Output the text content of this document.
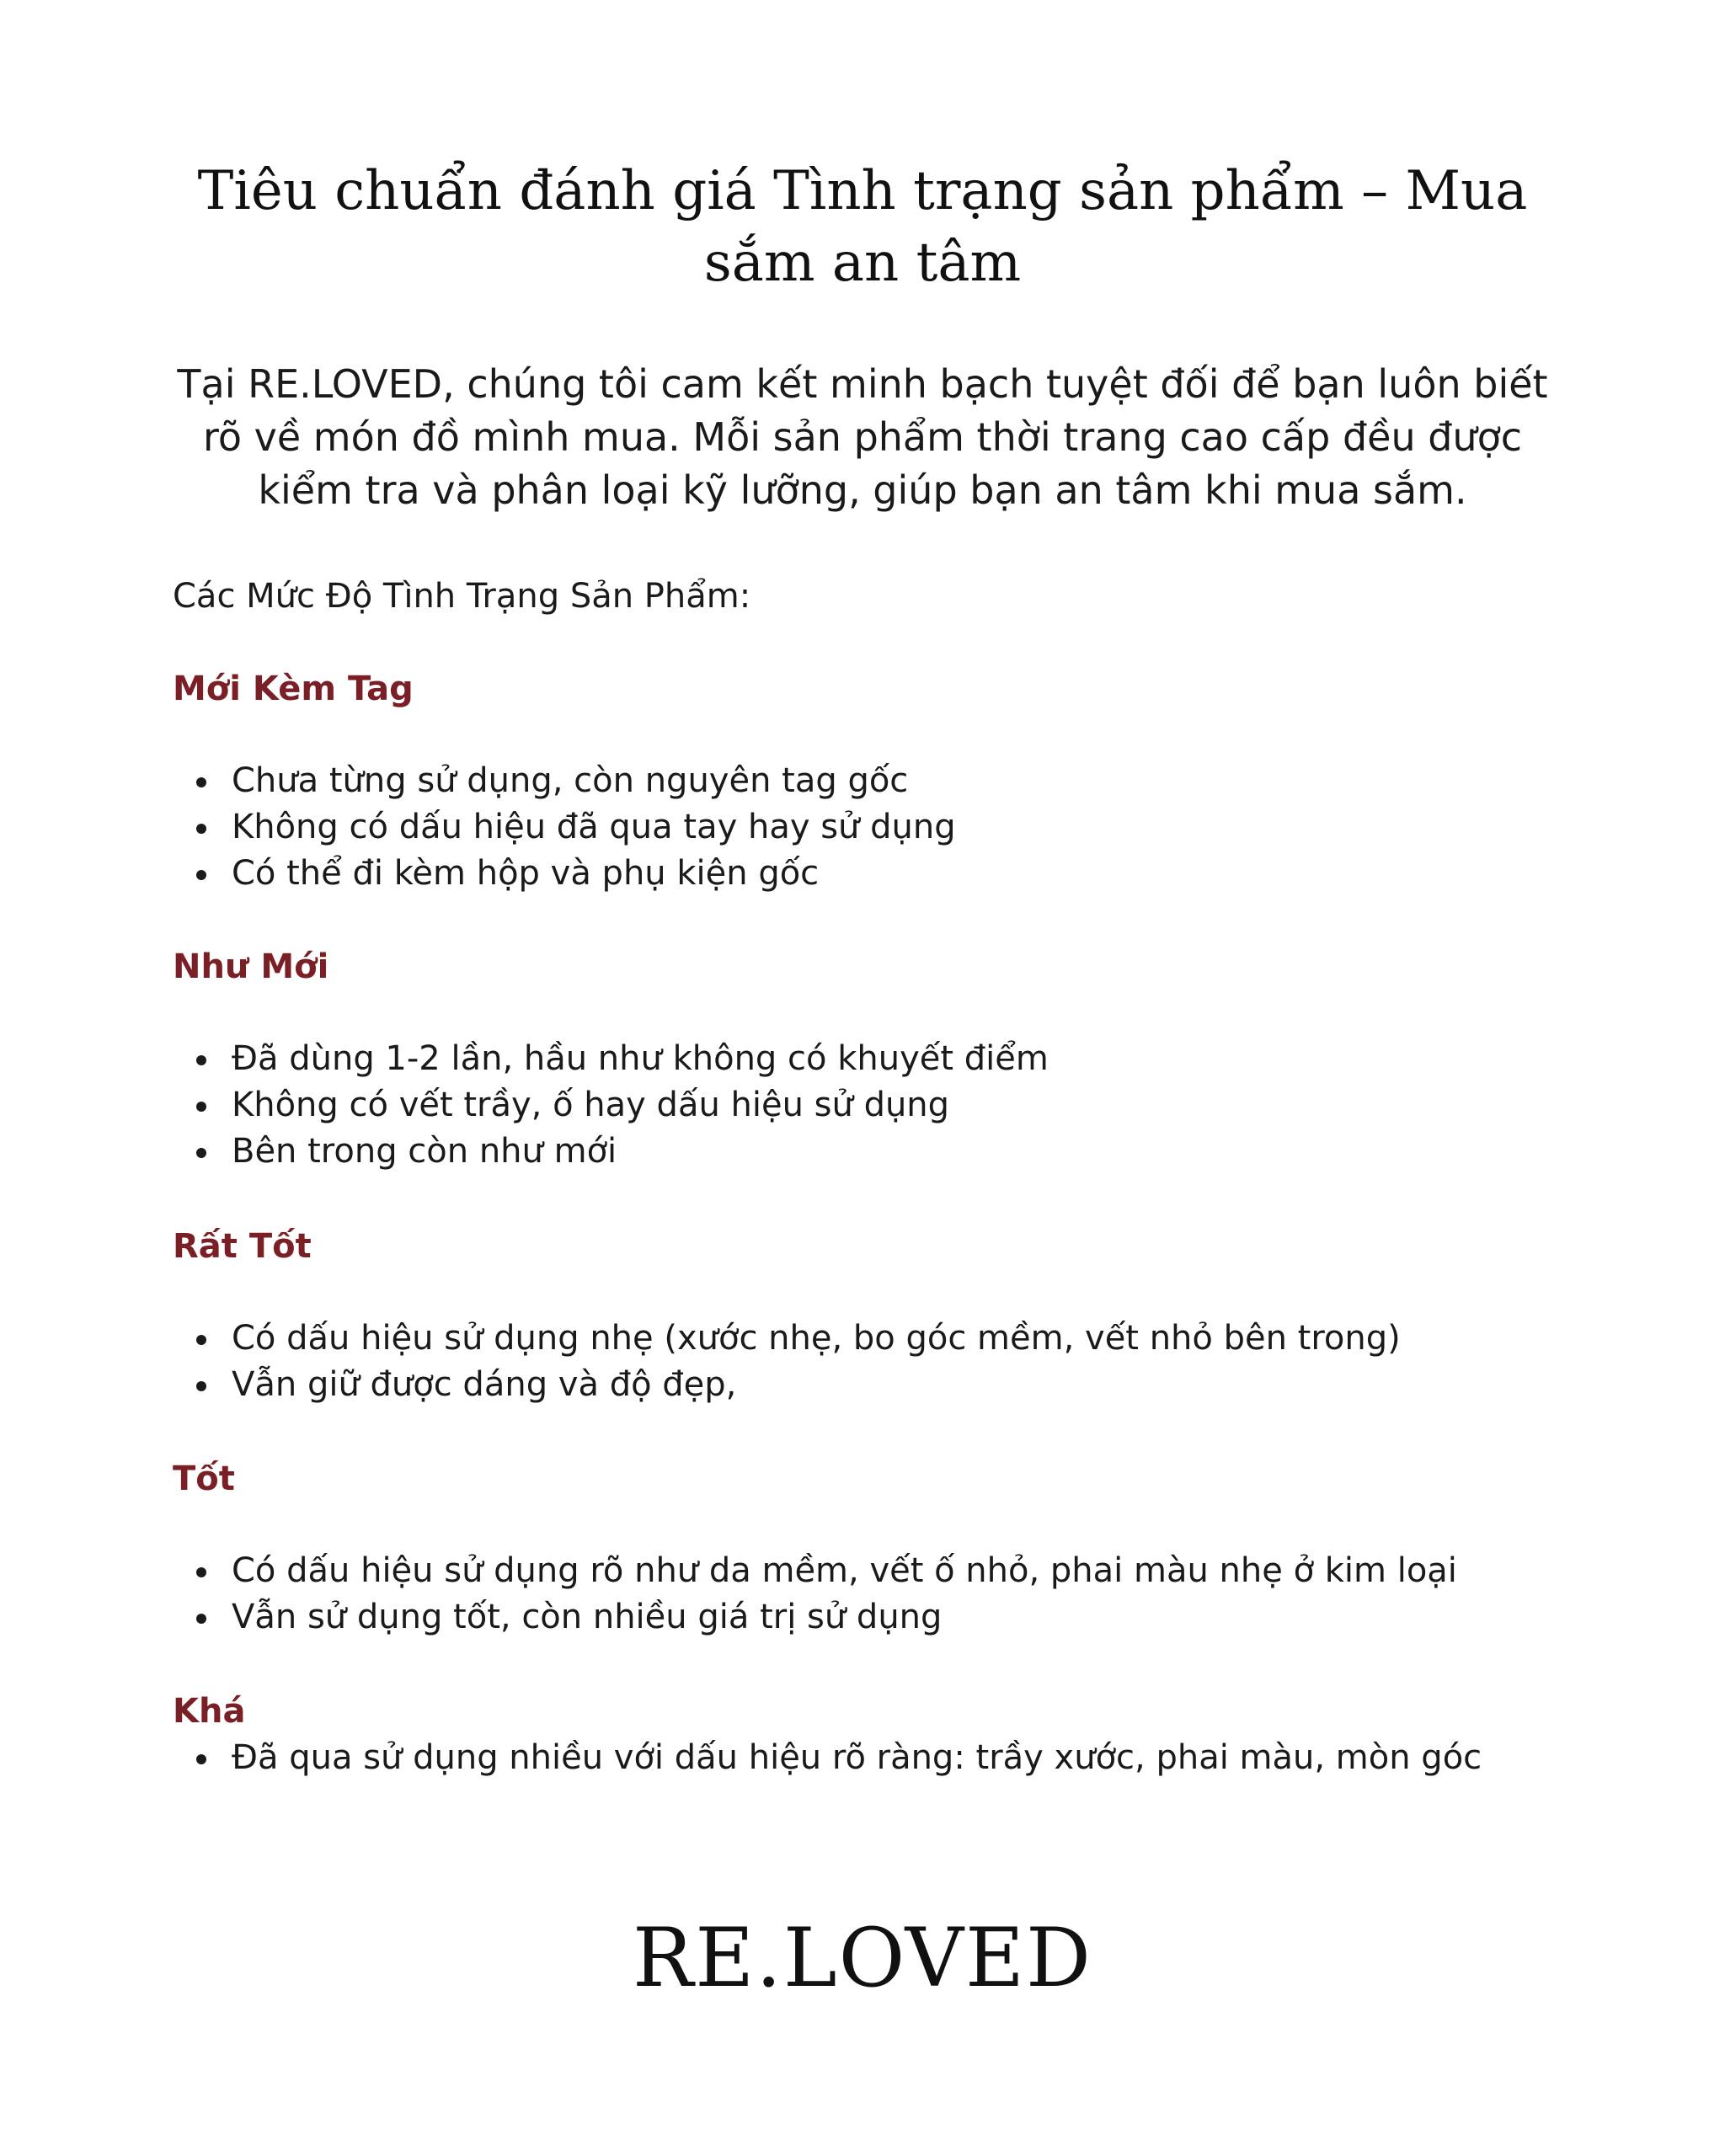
Tiêu chuẩn đánh giá Tình trạng sản phẩm – Mua sắm an tâm

Tại RE.LOVED, chúng tôi cam kết minh bạch tuyệt đối để bạn luôn biết rõ về món đồ mình mua. Mỗi sản phẩm thời trang cao cấp đều được kiểm tra và phân loại kỹ lưỡng, giúp bạn an tâm khi mua sắm.

Các Mức Độ Tình Trạng Sản Phẩm:

Mới Kèm Tag
Chưa từng sử dụng, còn nguyên tag gốc
Không có dấu hiệu đã qua tay hay sử dụng
Có thể đi kèm hộp và phụ kiện gốc
Như Mới
Đã dùng 1-2 lần, hầu như không có khuyết điểm
Không có vết trầy, ố hay dấu hiệu sử dụng
Bên trong còn như mới
Rất Tốt
Có dấu hiệu sử dụng nhẹ (xước nhẹ, bo góc mềm, vết nhỏ bên trong)
Vẫn giữ được dáng và độ đẹp,
Tốt
Có dấu hiệu sử dụng rõ như da mềm, vết ố nhỏ, phai màu nhẹ ở kim loại
Vẫn sử dụng tốt, còn nhiều giá trị sử dụng
Khá
Đã qua sử dụng nhiều với dấu hiệu rõ ràng: trầy xước, phai màu, mòn góc

RE.LOVED
